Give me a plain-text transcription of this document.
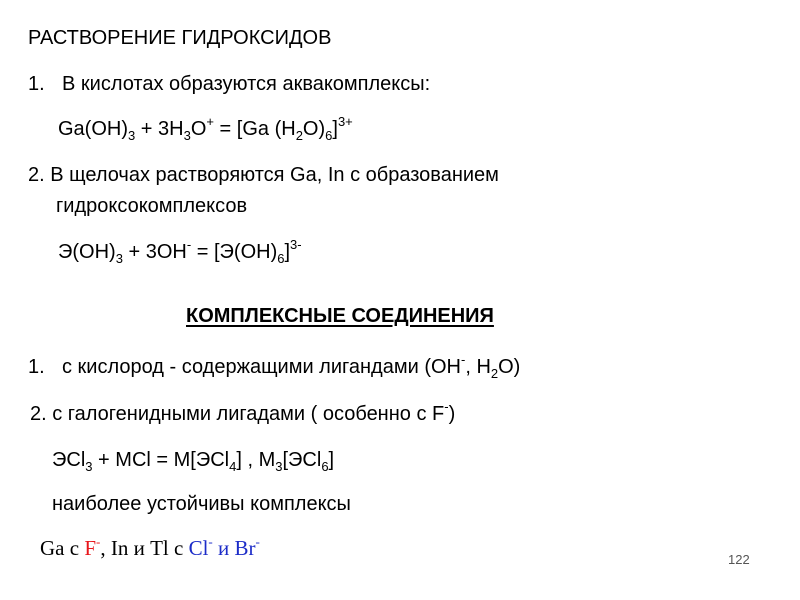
РАСТВОРЕНИЕ ГИДРОКСИДОВ
1. В кислотах образуются аквакомплексы:
$Ga(OH)_3 + 3H_3O^+ = [Ga$ $(H_2O)_6]^{3+}$
2. В щелочах растворяются Ga, In с образованием
гидроксокомплексов
$Э(OH)_3 + 3OH^- = [Э(OH)_6]^{3-}$
КОМПЛЕКСНЫЕ СОЕДИНЕНИЯ
1. с кислород - содержащими лигандами (OH-, $H_2O$)
2. с галогенидными лигадами ( особенно с F-)
ЭCl$_3$ + MCl = M[ЭCl$_4$] , $M_3[ЭCl_6]$
наиболее устойчивы комплексы
Ga c F-, In и Tl с Cl- и Br-
122
